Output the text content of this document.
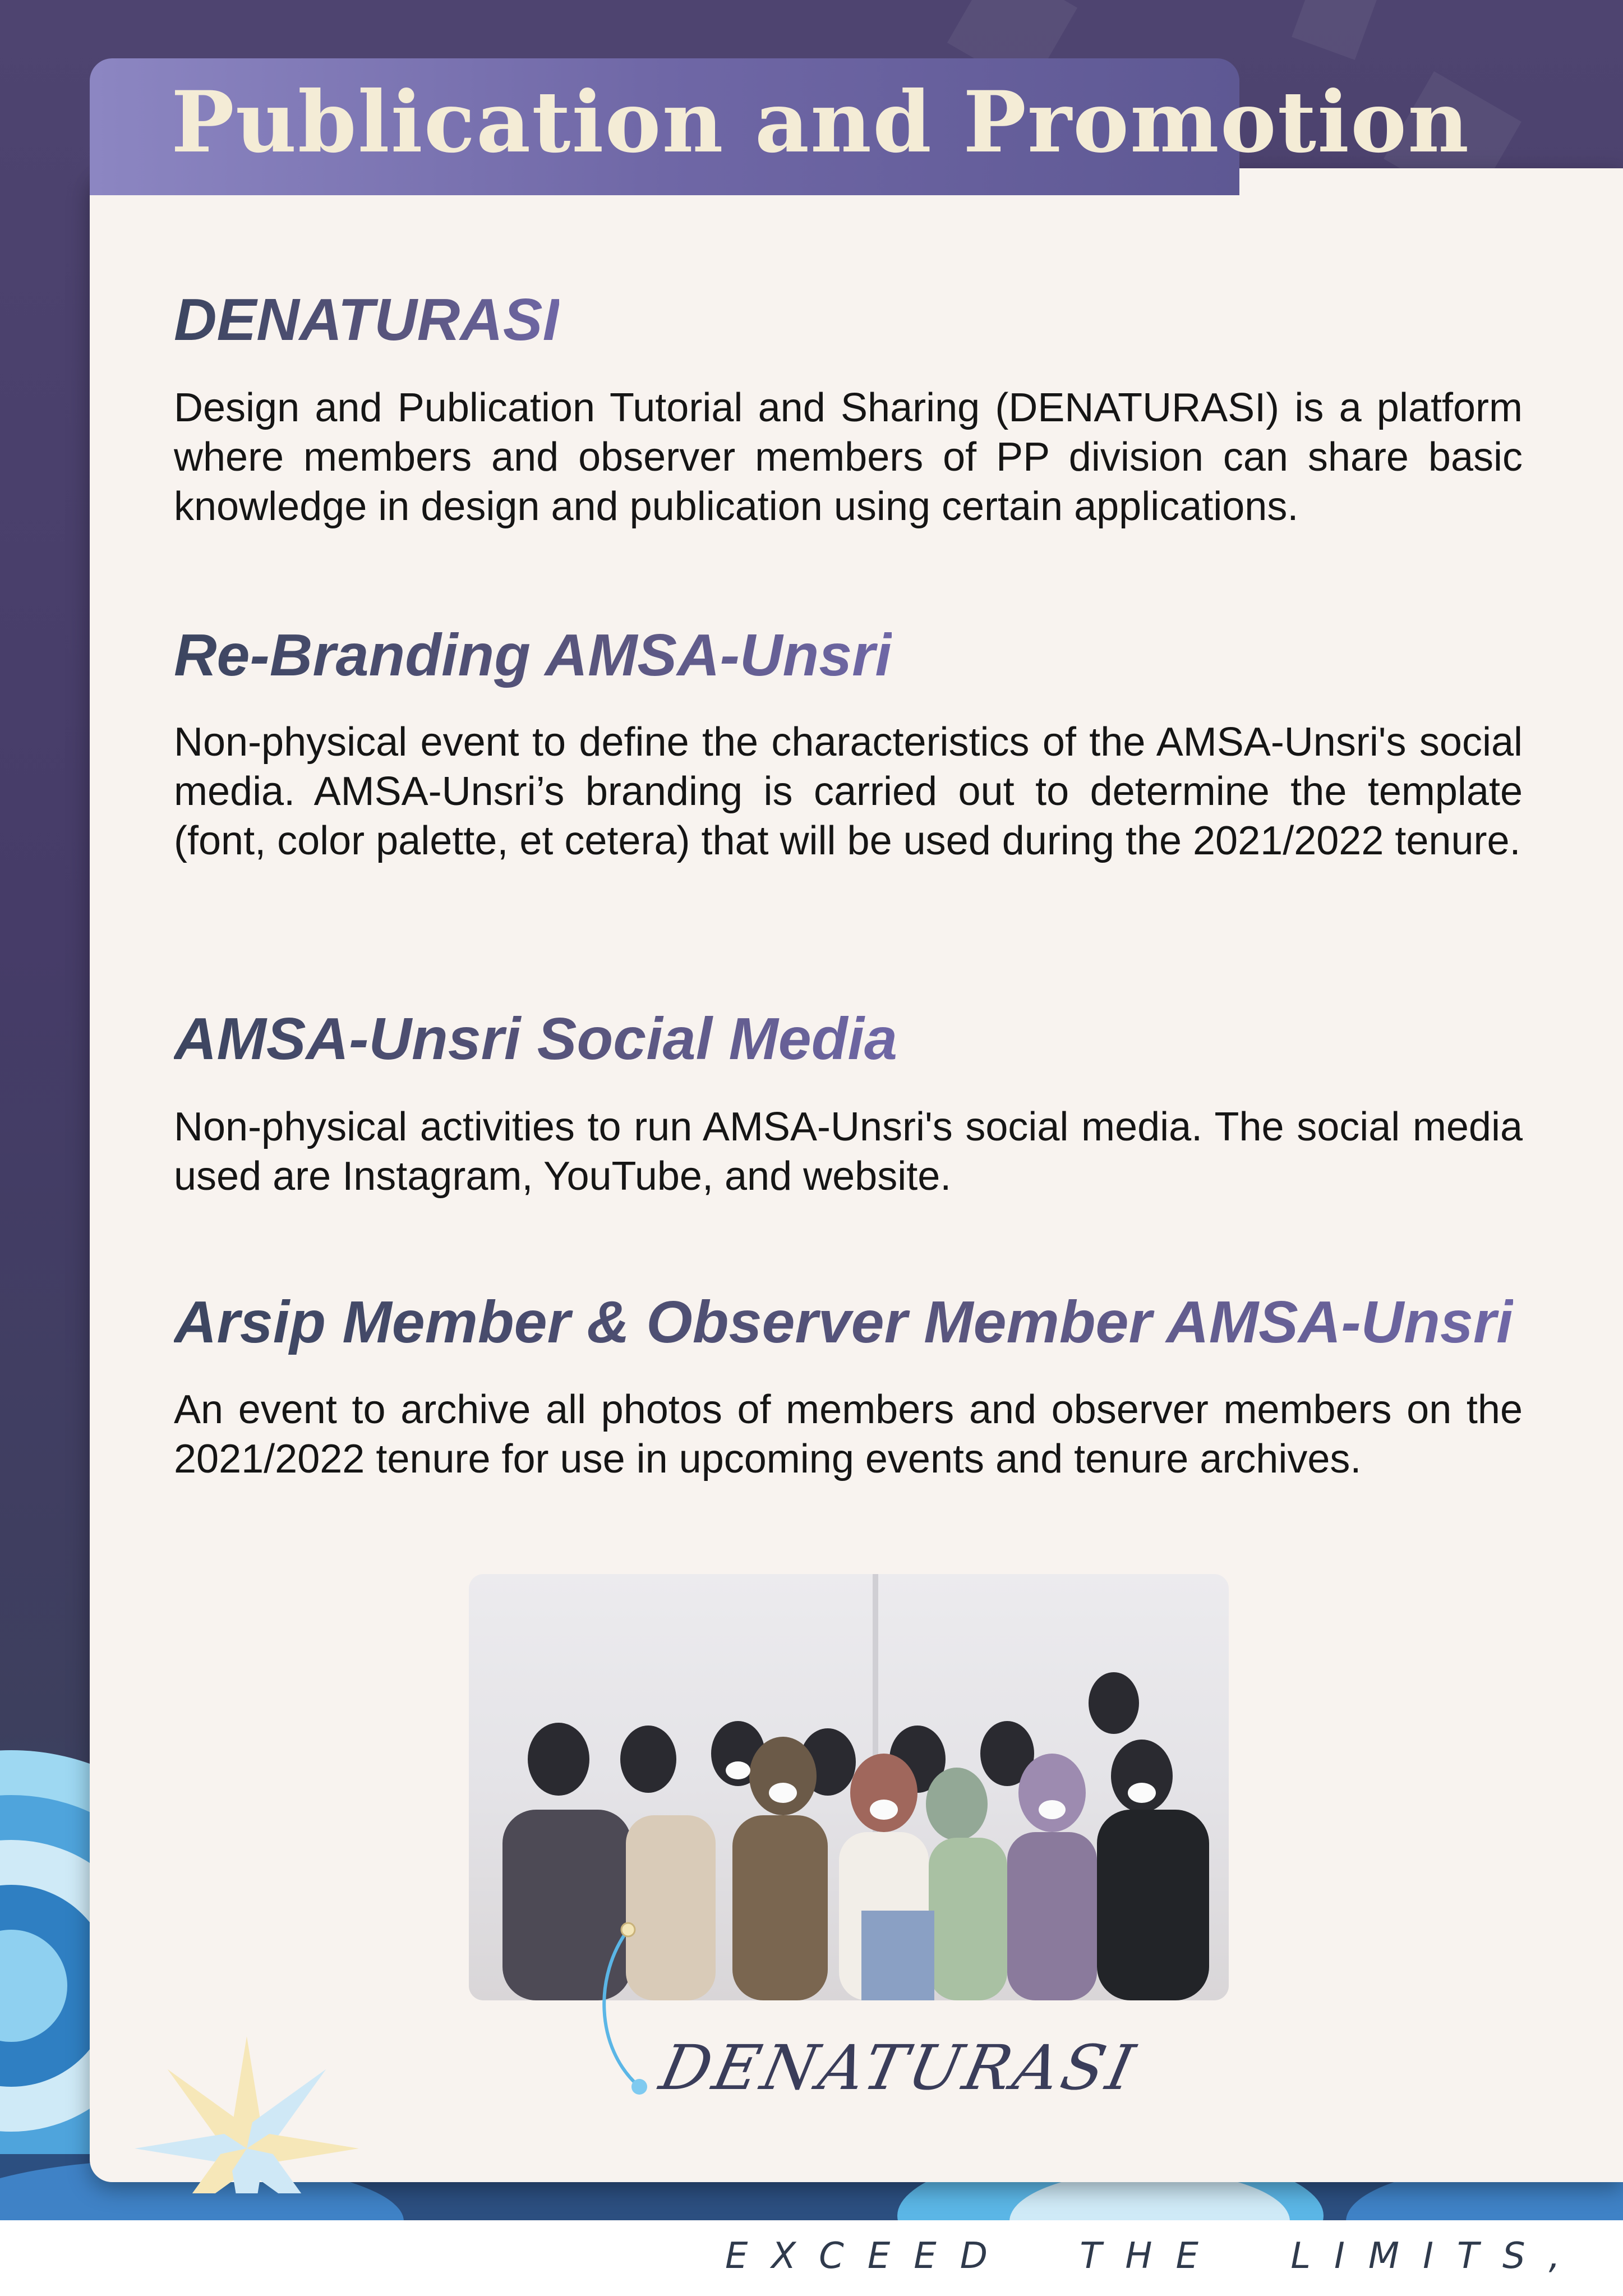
EXCEED THE LIMITS,
Publication and Promotion
DENATURASI
Design and Publication Tutorial and Sharing (DENATURASI) is a platform where members and observer members of PP division can share basic knowledge in design and publication using certain applications.
Re-Branding AMSA-Unsri
Non-physical event to define the characteristics of the AMSA-Unsri's social media. AMSA-Unsri’s branding is carried out to determine the template (font, color palette, et cetera) that will be used during the 2021/2022 tenure.
AMSA-Unsri Social Media
Non-physical activities to run AMSA-Unsri's social media. The social media used are Instagram, YouTube, and website.
Arsip Member & Observer Member AMSA-Unsri
An event to archive all photos of members and observer members on the 2021/2022 tenure for use in upcoming events and tenure archives.
DENATURASI
